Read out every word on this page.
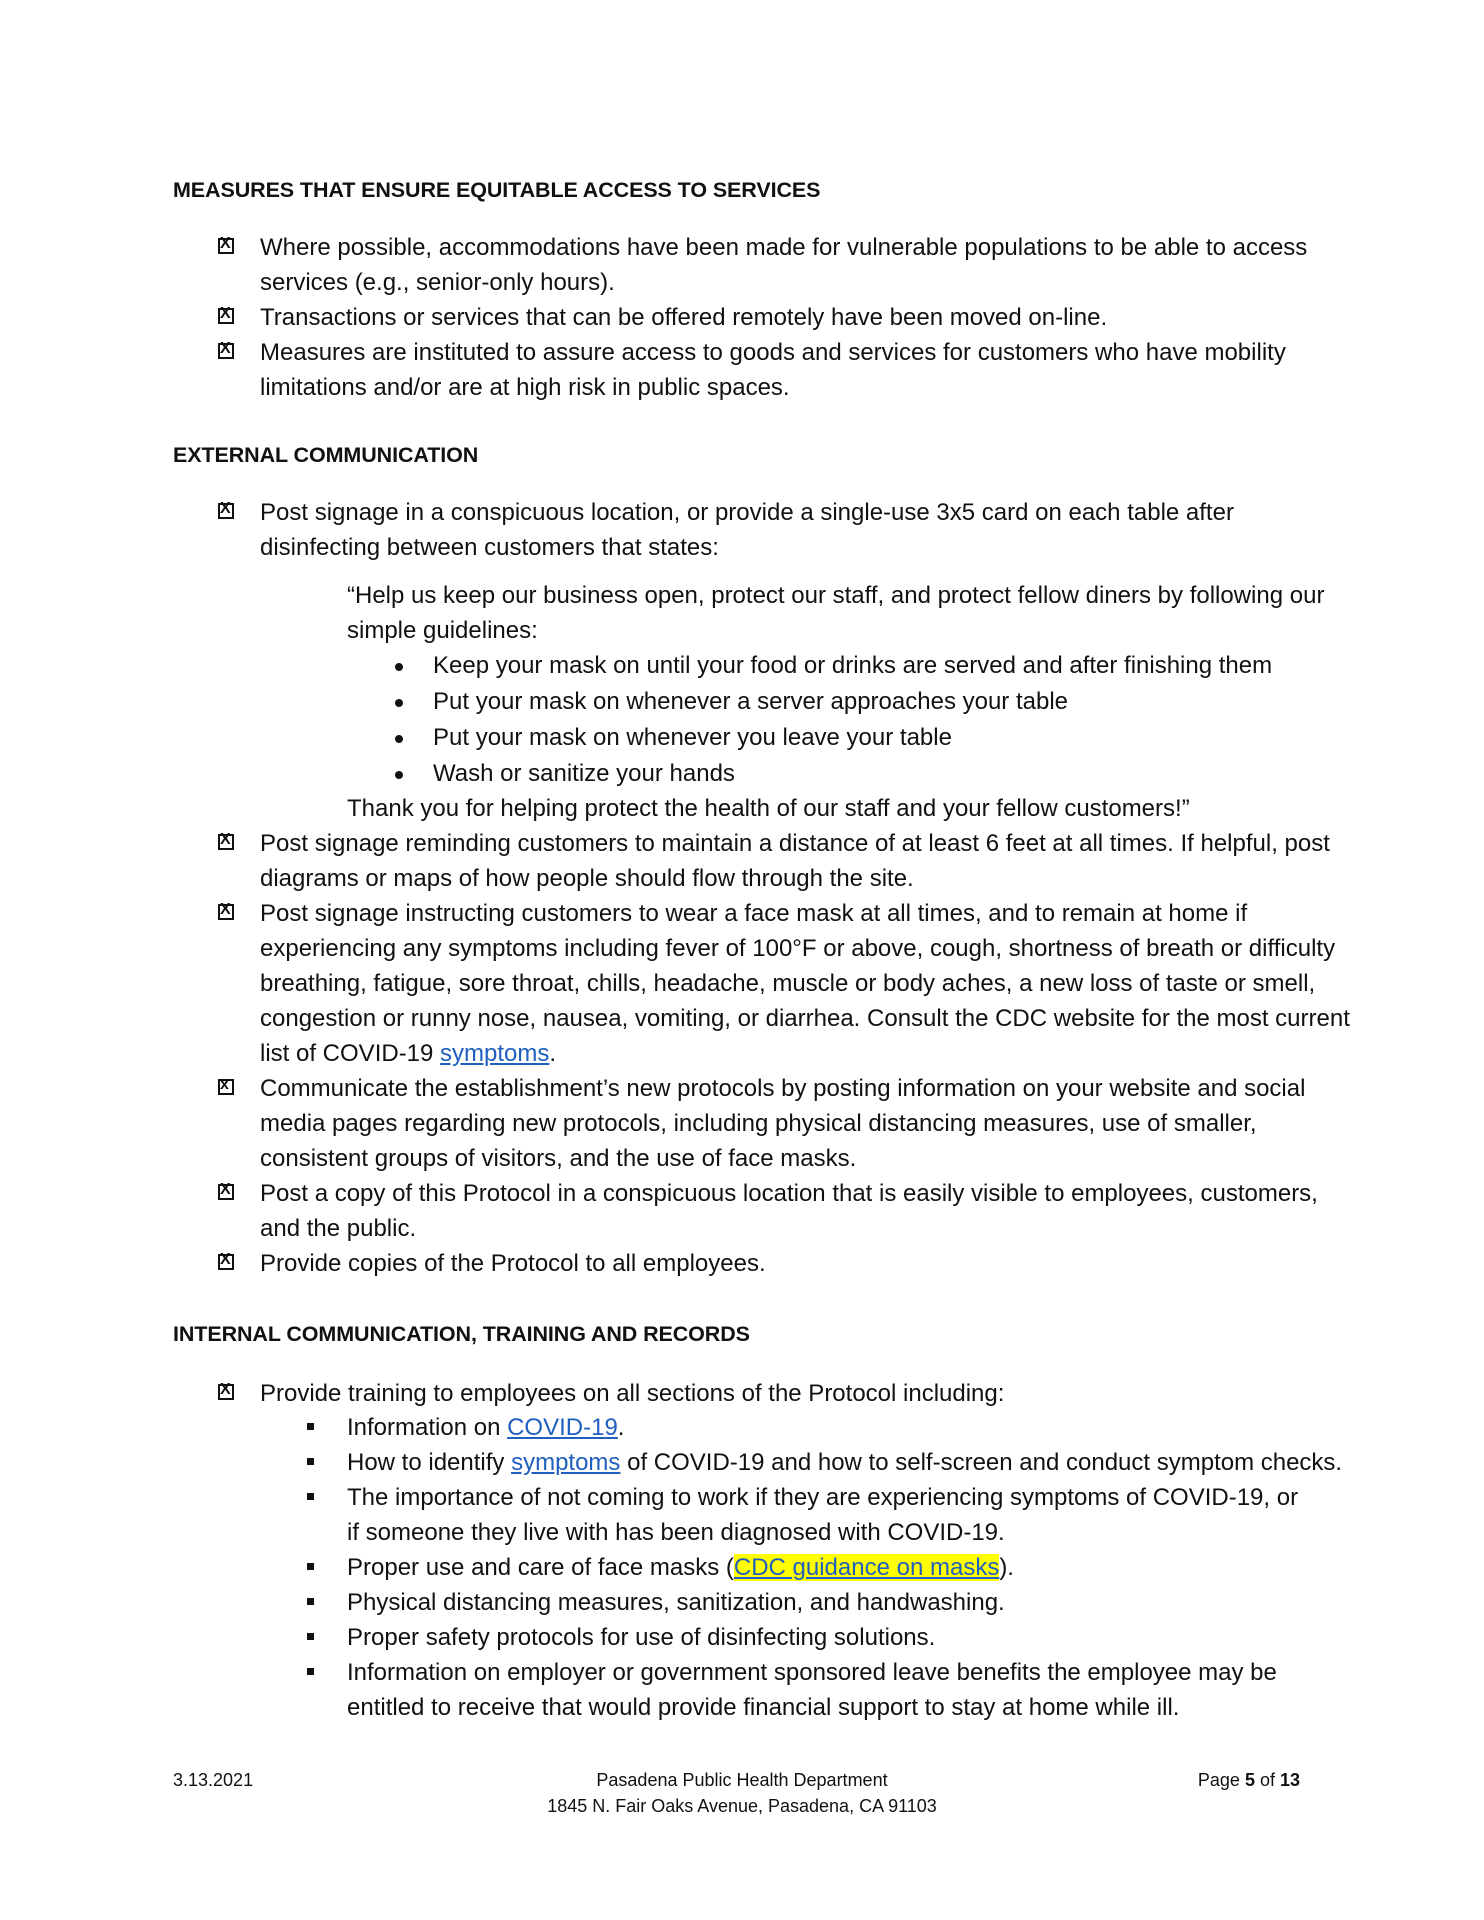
MEASURES THAT ENSURE EQUITABLE ACCESS TO SERVICES
X Where possible, accommodations have been made for vulnerable populations to be able to access services (e.g., senior-only hours).
X Transactions or services that can be offered remotely have been moved on-line.
X Measures are instituted to assure access to goods and services for customers who have mobility limitations and/or are at high risk in public spaces.
EXTERNAL COMMUNICATION
X Post signage in a conspicuous location, or provide a single-use 3x5 card on each table after disinfecting between customers that states:
“Help us keep our business open, protect our staff, and protect fellow diners by following our simple guidelines:
Keep your mask on until your food or drinks are served and after finishing them
Put your mask on whenever a server approaches your table
Put your mask on whenever you leave your table
Wash or sanitize your hands
Thank you for helping protect the health of our staff and your fellow customers!”
X Post signage reminding customers to maintain a distance of at least 6 feet at all times. If helpful, post diagrams or maps of how people should flow through the site.
X Post signage instructing customers to wear a face mask at all times, and to remain at home if experiencing any symptoms including fever of 100°F or above, cough, shortness of breath or difficulty breathing, fatigue, sore throat, chills, headache, muscle or body aches, a new loss of taste or smell, congestion or runny nose, nausea, vomiting, or diarrhea. Consult the CDC website for the most current list of COVID-19 symptoms.
x Communicate the establishment’s new protocols by posting information on your website and social media pages regarding new protocols, including physical distancing measures, use of smaller, consistent groups of visitors, and the use of face masks.
X Post a copy of this Protocol in a conspicuous location that is easily visible to employees, customers, and the public.
X Provide copies of the Protocol to all employees.
INTERNAL COMMUNICATION, TRAINING AND RECORDS
X Provide training to employees on all sections of the Protocol including:
Information on COVID-19.
How to identify symptoms of COVID-19 and how to self-screen and conduct symptom checks.
The importance of not coming to work if they are experiencing symptoms of COVID-19, or if someone they live with has been diagnosed with COVID-19.
Proper use and care of face masks (CDC guidance on masks).
Physical distancing measures, sanitization, and handwashing.
Proper safety protocols for use of disinfecting solutions.
Information on employer or government sponsored leave benefits the employee may be entitled to receive that would provide financial support to stay at home while ill.
3.13.2021	Pasadena Public Health Department
1845 N. Fair Oaks Avenue, Pasadena, CA 91103
Page 5 of 13
